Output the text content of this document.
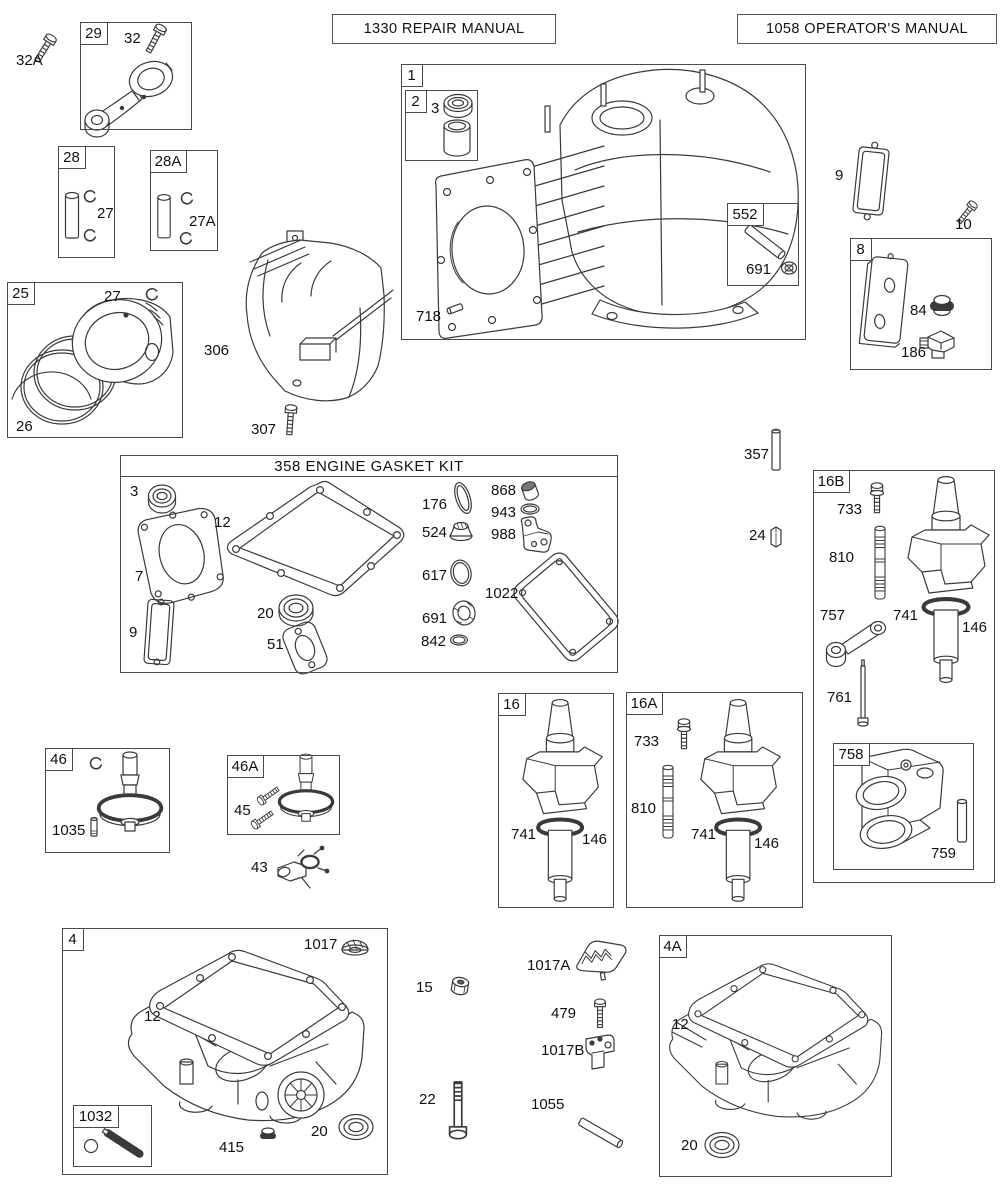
29
28	28A
25
1
2
552
8
16B
758
16	16A
46	46A
4
1032
4A
1330 REPAIR MANUAL	1058 OPERATOR'S MANUAL
358 ENGINE GASKET KIT
32A
32
27	27A
27
26
3
718
691
9
10
84
186
306
307
357
24
3
12
7
9
20
51
176
524
617
691
842
868
943
988
1022
733
810
757	741
146
761
759
741	146
733
810
741
146
1035
45
43
1017
12
415
20
15
1017A
479
1017B
22	1055
12
20
